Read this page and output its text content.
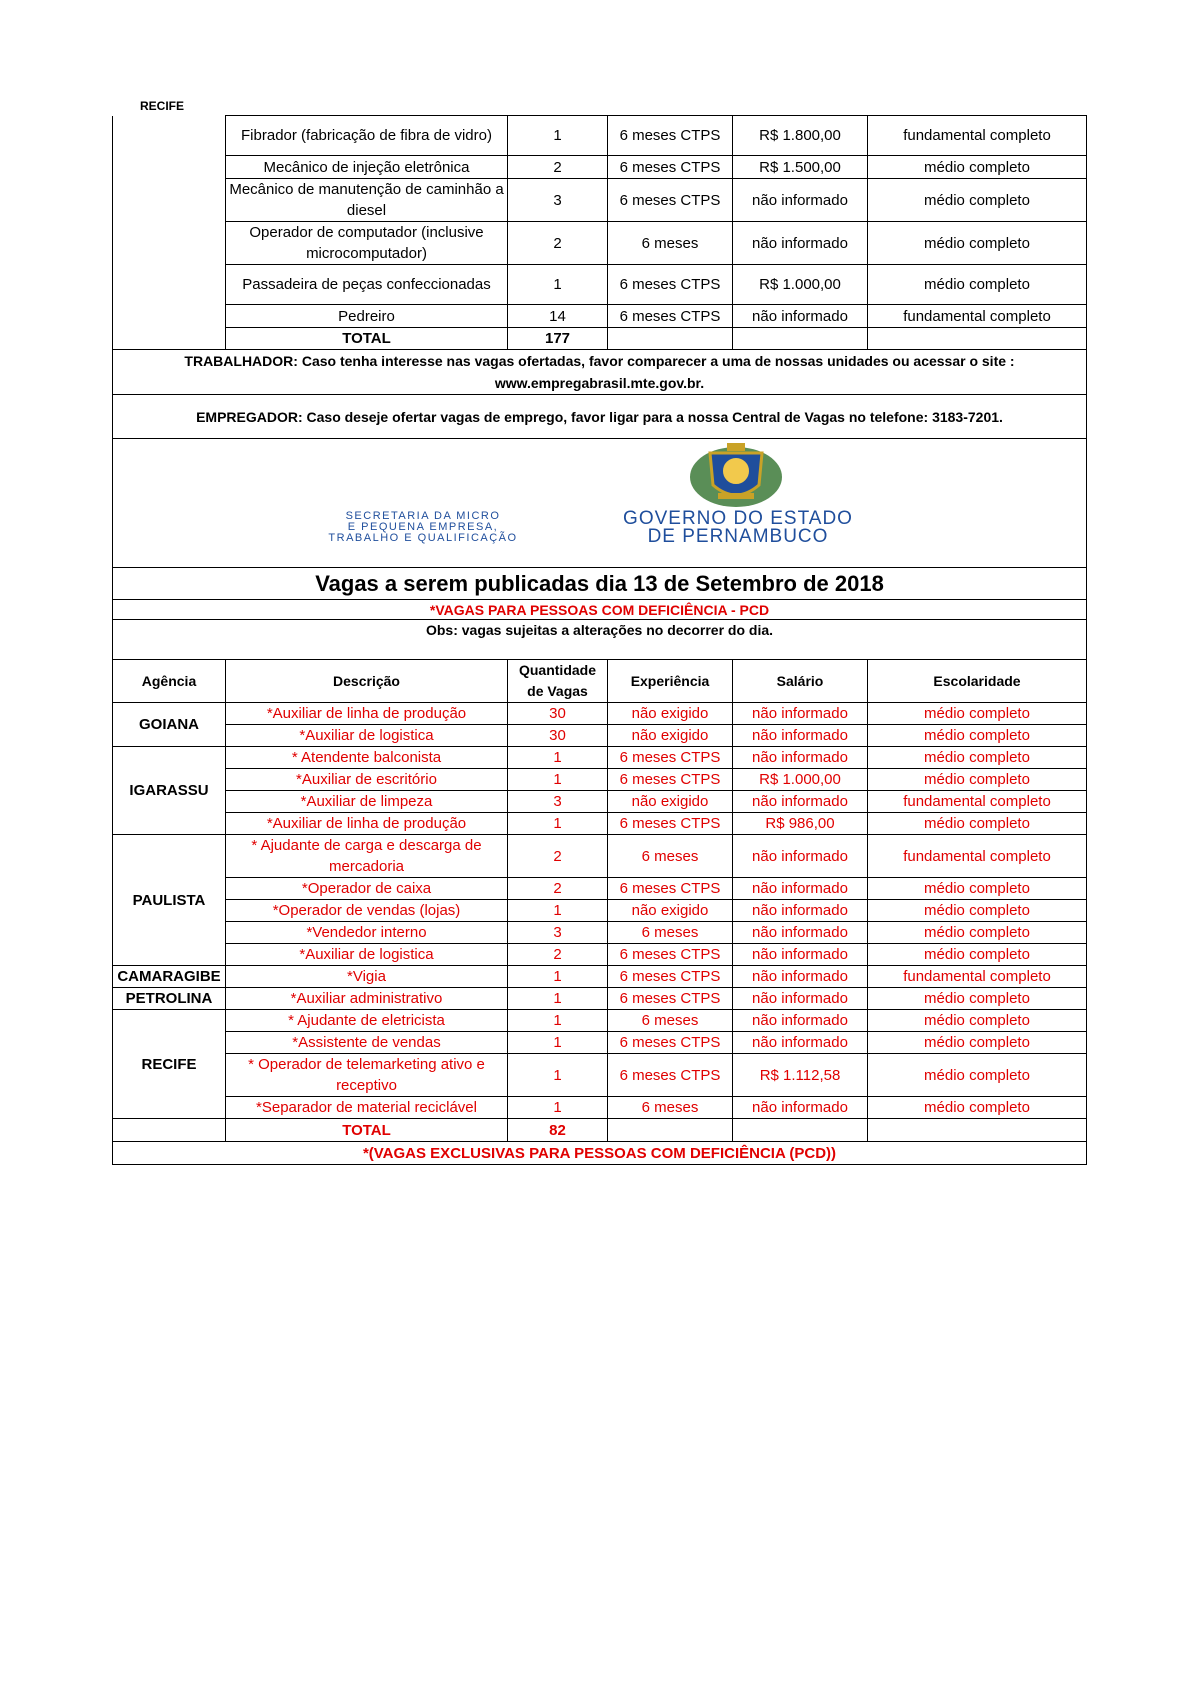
RECIFE
	Fibrador (fabricação de fibra de vidro)	1	6 meses CTPS	R$ 1.800,00	fundamental completo
	Mecânico de injeção eletrônica	2	6 meses CTPS	R$ 1.500,00	médio completo
	Mecânico de manutenção de caminhão a diesel	3	6 meses CTPS	não informado	médio completo
	Operador de computador (inclusive microcomputador)	2	6 meses	não informado	médio completo
	Passadeira de peças confeccionadas	1	6 meses CTPS	R$ 1.000,00	médio completo
	Pedreiro	14	6 meses CTPS	não informado	fundamental completo
	TOTAL	177			
TRABALHADOR: Caso tenha interesse nas vagas ofertadas, favor comparecer a uma de nossas unidades ou acessar o site : www.empregabrasil.mte.gov.br.					
EMPREGADOR: Caso deseje ofertar vagas de emprego, favor ligar para a nossa Central de Vagas no telefone: 3183-7201.					

SECRETARIA DA MICRO
E PEQUENA EMPRESA,
TRABALHO E QUALIFICAÇÃO
GOVERNO DO ESTADO
DE PERNAMBUCO					

Vagas a serem publicadas dia 13 de Setembro de 2018					
*VAGAS PARA PESSOAS COM DEFICIÊNCIA - PCD					
Obs: vagas sujeitas a alterações no decorrer do dia.					
Agência	Descrição	Quantidade de Vagas	Experiência	Salário	Escolaridade
GOIANA	*Auxiliar de linha de produção	30	não exigido	não informado	médio completo
	*Auxiliar de logistica	30	não exigido	não informado	médio completo
IGARASSU	* Atendente balconista	1	6 meses CTPS	não informado	médio completo
	*Auxiliar de escritório	1	6 meses CTPS	R$ 1.000,00	médio completo
	*Auxiliar de limpeza	3	não exigido	não informado	fundamental completo
	*Auxiliar de linha de produção	1	6 meses CTPS	R$ 986,00	médio completo
PAULISTA	* Ajudante de carga e descarga de mercadoria	2	6 meses	não informado	fundamental completo
	*Operador de caixa	2	6 meses CTPS	não informado	médio completo
	*Operador de vendas (lojas)	1	não exigido	não informado	médio completo
	*Vendedor interno	3	6 meses	não informado	médio completo
	*Auxiliar de logistica	2	6 meses CTPS	não informado	médio completo
CAMARAGIBE	*Vigia	1	6 meses CTPS	não informado	fundamental completo
PETROLINA	*Auxiliar administrativo	1	6 meses CTPS	não informado	médio completo
RECIFE	* Ajudante de eletricista	1	6 meses	não informado	médio completo
	*Assistente de vendas	1	6 meses CTPS	não informado	médio completo
	* Operador de telemarketing ativo e receptivo	1	6 meses CTPS	R$ 1.112,58	médio completo
	*Separador de material reciclável	1	6 meses	não informado	médio completo
	TOTAL	82			
*(VAGAS EXCLUSIVAS PARA PESSOAS COM DEFICIÊNCIA (PCD))					
